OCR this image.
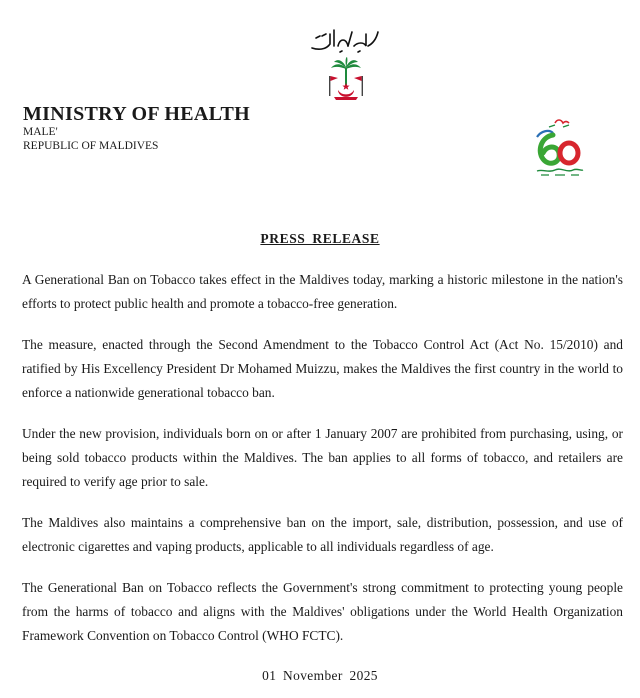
MINISTRY OF HEALTH

MALE'

REPUBLIC OF MALDIVES

PRESS RELEASE

A Generational Ban on Tobacco takes effect in the Maldives today, marking a historic milestone in the nation's efforts to protect public health and promote a tobacco-free generation.

The measure, enacted through the Second Amendment to the Tobacco Control Act (Act No. 15/2010) and ratified by His Excellency President Dr Mohamed Muizzu, makes the Maldives the first country in the world to enforce a nationwide generational tobacco ban.

Under the new provision, individuals born on or after 1 January 2007 are prohibited from purchasing, using, or being sold tobacco products within the Maldives. The ban applies to all forms of tobacco, and retailers are required to verify age prior to sale.

The Maldives also maintains a comprehensive ban on the import, sale, distribution, possession, and use of electronic cigarettes and vaping products, applicable to all individuals regardless of age.

The Generational Ban on Tobacco reflects the Government's strong commitment to protecting young people from the harms of tobacco and aligns with the Maldives' obligations under the World Health Organization Framework Convention on Tobacco Control (WHO FCTC).

01 November 2025
